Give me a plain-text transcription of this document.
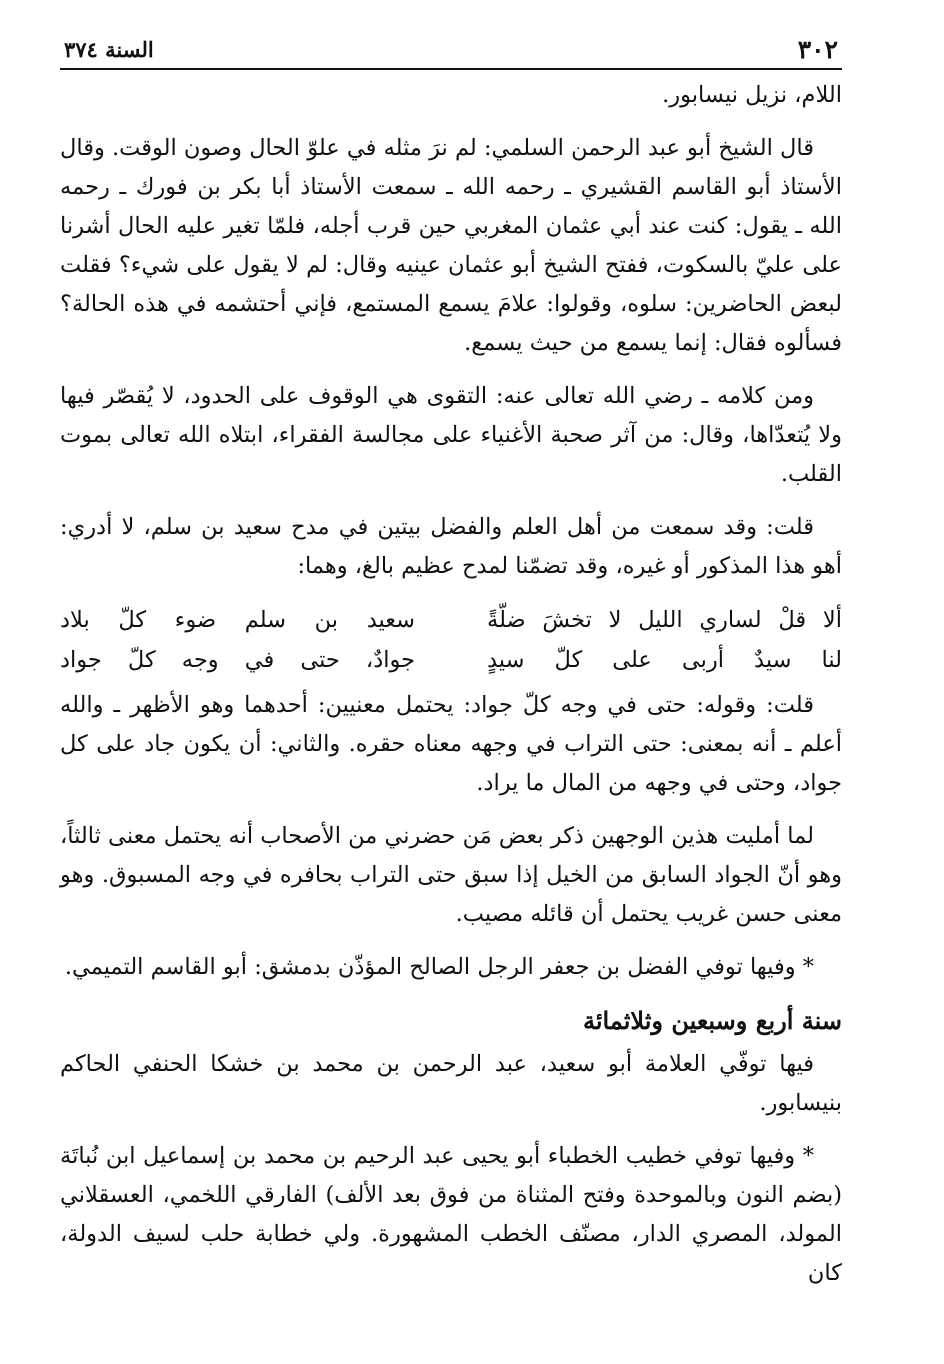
٣٠٢
السنة ٣٧٤

اللام، نزيل نيسابور.

قال الشيخ أبو عبد الرحمن السلمي: لم نرَ مثله في علوّ الحال وصون الوقت. وقال الأستاذ أبو القاسم القشيري ـ رحمه الله ـ سمعت الأستاذ أبا بكر بن فورك ـ رحمه الله ـ يقول: كنت عند أبي عثمان المغربي حين قرب أجله، فلمّا تغير عليه الحال أشرنا على عليّ بالسكوت، ففتح الشيخ أبو عثمان عينيه وقال: لم لا يقول على شيء؟ فقلت لبعض الحاضرين: سلوه، وقولوا: علامَ يسمع المستمع، فإني أحتشمه في هذه الحالة؟ فسألوه فقال: إنما يسمع من حيث يسمع.

ومن كلامه ـ رضي الله تعالى عنه: التقوى هي الوقوف على الحدود، لا يُقصّر فيها ولا يُتعدّاها، وقال: من آثر صحبة الأغنياء على مجالسة الفقراء، ابتلاه الله تعالى بموت القلب.

قلت: وقد سمعت من أهل العلم والفضل بيتين في مدح سعيد بن سلم، لا أدري: أهو هذا المذكور أو غيره، وقد تضمّنا لمدح عظيم بالغ، وهما:

ألا قلْ لساري الليل لا تخشَ ضلّةً
سعيد بن سلم ضوء كلّ بلاد
لنا سيدٌ أربى على كلّ سيدٍ
جوادٌ، حتى في وجه كلّ جواد

قلت: وقوله: حتى في وجه كلّ جواد: يحتمل معنيين: أحدهما وهو الأظهر ـ والله أعلم ـ أنه بمعنى: حتى التراب في وجهه معناه حقره. والثاني: أن يكون جاد على كل جواد، وحتى في وجهه من المال ما يراد.

لما أمليت هذين الوجهين ذكر بعض مَن حضرني من الأصحاب أنه يحتمل معنى ثالثاً، وهو أنّ الجواد السابق من الخيل إذا سبق حتى التراب بحافره في وجه المسبوق. وهو معنى حسن غريب يحتمل أن قائله مصيب.

* وفيها توفي الفضل بن جعفر الرجل الصالح المؤذّن بدمشق: أبو القاسم التميمي.

سنة أربع وسبعين وثلاثمائة

فيها توفّي العلامة أبو سعيد، عبد الرحمن بن محمد بن خشكا الحنفي الحاكم بنيسابور.

* وفيها توفي خطيب الخطباء أبو يحيى عبد الرحيم بن محمد بن إسماعيل ابن نُباتَة (بضم النون وبالموحدة وفتح المثناة من فوق بعد الألف) الفارقي اللخمي، العسقلاني المولد، المصري الدار، مصنّف الخطب المشهورة. ولي خطابة حلب لسيف الدولة، كان
